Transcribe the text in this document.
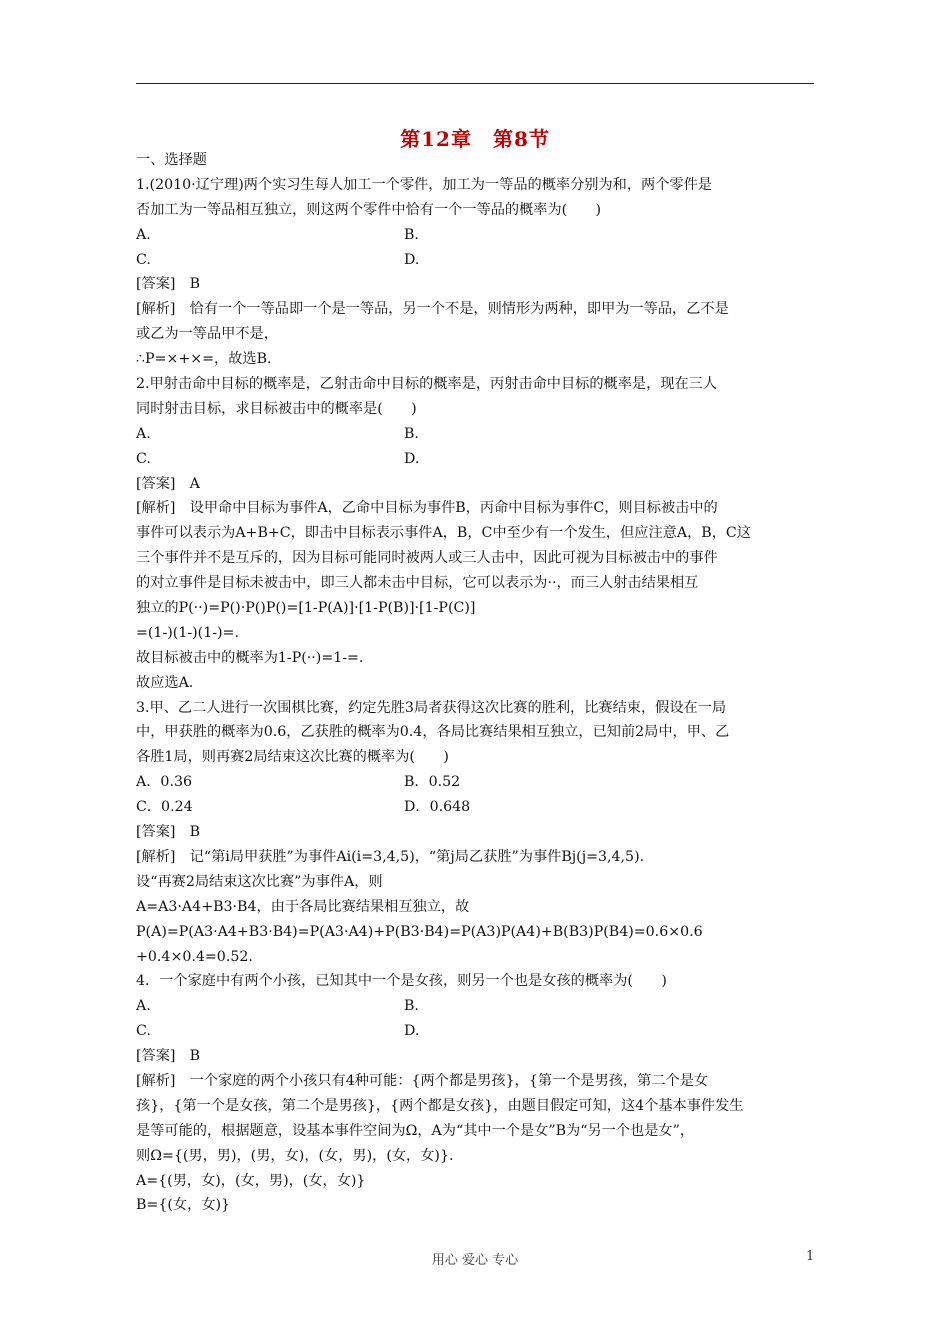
第12章　第8节
一、选择题
1.(2010·辽宁理)两个实习生每人加工一个零件，加工为一等品的概率分别为和，两个零件是
否加工为一等品相互独立，则这两个零件中恰有一个一等品的概率为(　　)
A.	B.
C.	D.
[答案]　B
[解析]　恰有一个一等品即一个是一等品，另一个不是，则情形为两种，即甲为一等品，乙不是
或乙为一等品甲不是，
∴P=×+×=，故选B.
2.甲射击命中目标的概率是，乙射击命中目标的概率是，丙射击命中目标的概率是，现在三人
同时射击目标，求目标被击中的概率是(　　)
A.	B.
C.	D.
[答案]　A
[解析]　设甲命中目标为事件A，乙命中目标为事件B，丙命中目标为事件C，则目标被击中的
事件可以表示为A+B+C，即击中目标表示事件A，B，C中至少有一个发生，但应注意A，B，C这
三个事件并不是互斥的，因为目标可能同时被两人或三人击中，因此可视为目标被击中的事件
的对立事件是目标未被击中，即三人都未击中目标，它可以表示为··，而三人射击结果相互
独立的P(··)=P()·P()P()=[1-P(A)]·[1-P(B)]·[1-P(C)]
=(1-)(1-)(1-)=.
故目标被击中的概率为1-P(··)=1-=.
故应选A.
3.甲、乙二人进行一次围棋比赛，约定先胜3局者获得这次比赛的胜利，比赛结束，假设在一局
中，甲获胜的概率为0.6，乙获胜的概率为0.4，各局比赛结果相互独立，已知前2局中，甲、乙
各胜1局，则再赛2局结束这次比赛的概率为(　　)
A．0.36	B．0.52
C．0.24	D．0.648
[答案]　B
[解析]　记“第i局甲获胜”为事件Ai(i=3,4,5)，“第j局乙获胜”为事件Bj(j=3,4,5).
设“再赛2局结束这次比赛”为事件A，则
A=A3·A4+B3·B4，由于各局比赛结果相互独立，故
P(A)=P(A3·A4+B3·B4)=P(A3·A4)+P(B3·B4)=P(A3)P(A4)+B(B3)P(B4)=0.6×0.6
+0.4×0.4=0.52.
4．一个家庭中有两个小孩，已知其中一个是女孩，则另一个也是女孩的概率为(　　)
A.	B.
C.	D.
[答案]　B
[解析]　一个家庭的两个小孩只有4种可能：{两个都是男孩}，{第一个是男孩，第二个是女
孩}，{第一个是女孩，第二个是男孩}，{两个都是女孩}，由题目假定可知，这4个基本事件发生
是等可能的，根据题意，设基本事件空间为Ω，A为“其中一个是女”B为“另一个也是女”，
则Ω={(男，男)，(男，女)，(女，男)，(女，女)}.
A={(男，女)，(女，男)，(女，女)}
B={(女，女)}
用心 爱心 专心	1
